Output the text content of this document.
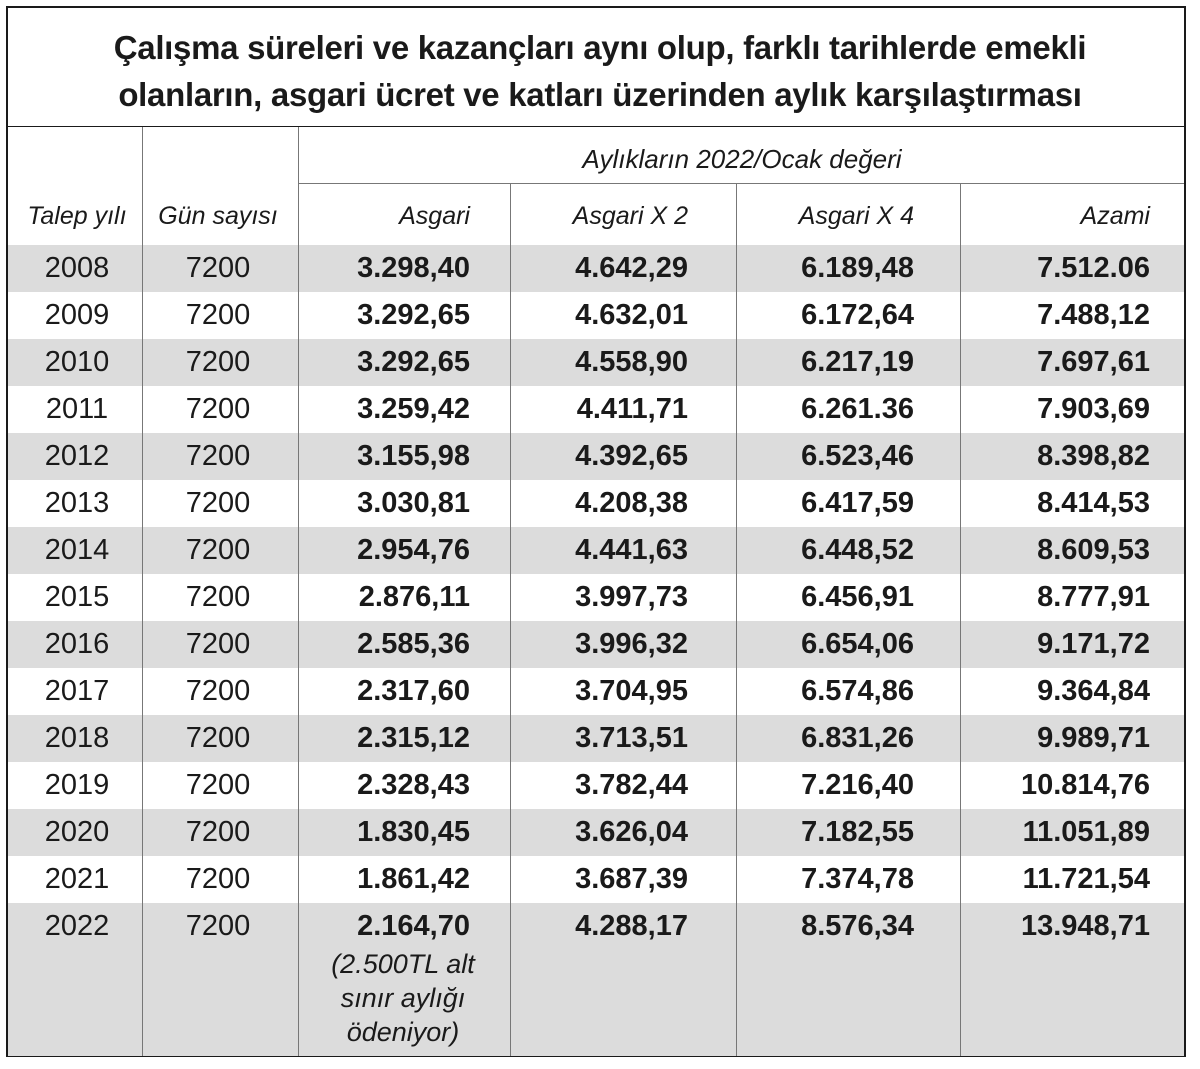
Çalışma süreleri ve kazançları aynı olup, farklı tarihlerde emekli
olanların, asgari ücret ve katları üzerinden aylık karşılaştırması
Aylıkların 2022/Ocak değeri
Talep yılı	Gün sayısı	Asgari	Asgari X 2	Asgari X 4	Azami
2008	7200	3.298,40	4.642,29	6.189,48	7.512.06
2009	7200	3.292,65	4.632,01	6.172,64	7.488,12
2010	7200	3.292,65	4.558,90	6.217,19	7.697,61
2011	7200	3.259,42	4.411,71	6.261.36	7.903,69
2012	7200	3.155,98	4.392,65	6.523,46	8.398,82
2013	7200	3.030,81	4.208,38	6.417,59	8.414,53
2014	7200	2.954,76	4.441,63	6.448,52	8.609,53
2015	7200	2.876,11	3.997,73	6.456,91	8.777,91
2016	7200	2.585,36	3.996,32	6.654,06	9.171,72
2017	7200	2.317,60	3.704,95	6.574,86	9.364,84
2018	7200	2.315,12	3.713,51	6.831,26	9.989,71
2019	7200	2.328,43	3.782,44	7.216,40	10.814,76
2020	7200	1.830,45	3.626,04	7.182,55	11.051,89
2021	7200	1.861,42	3.687,39	7.374,78	11.721,54
2022	7200	2.164,70	4.288,17	8.576,34	13.948,71
(2.500TL alt
sınır aylığı
ödeniyor)
